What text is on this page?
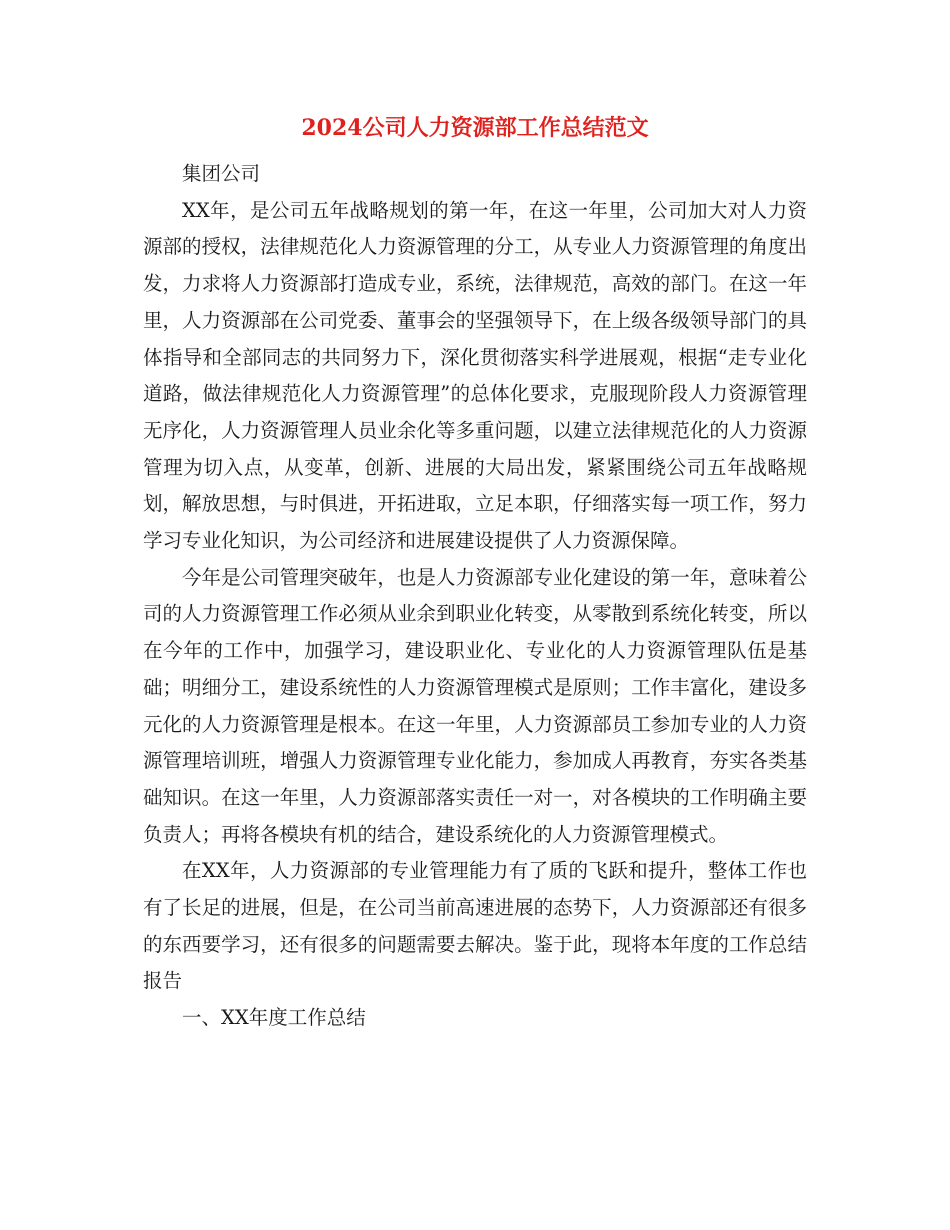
2024公司人力资源部工作总结范文

集团公司

XX年，是公司五年战略规划的第一年，在这一年里，公司加大对人力资源部的授权，法律规范化人力资源管理的分工，从专业人力资源管理的角度出发，力求将人力资源部打造成专业，系统，法律规范，高效的部门。在这一年里，人力资源部在公司党委、董事会的坚强领导下，在上级各级领导部门的具体指导和全部同志的共同努力下，深化贯彻落实科学进展观，根据“走专业化道路，做法律规范化人力资源管理”的总体化要求，克服现阶段人力资源管理无序化，人力资源管理人员业余化等多重问题，以建立法律规范化的人力资源管理为切入点，从变革，创新、进展的大局出发，紧紧围绕公司五年战略规划，解放思想，与时俱进，开拓进取，立足本职，仔细落实每一项工作，努力学习专业化知识，为公司经济和进展建设提供了人力资源保障。

今年是公司管理突破年，也是人力资源部专业化建设的第一年，意味着公司的人力资源管理工作必须从业余到职业化转变，从零散到系统化转变，所以在今年的工作中，加强学习，建设职业化、专业化的人力资源管理队伍是基础；明细分工，建设系统性的人力资源管理模式是原则；工作丰富化，建设多元化的人力资源管理是根本。在这一年里，人力资源部员工参加专业的人力资源管理培训班，增强人力资源管理专业化能力，参加成人再教育，夯实各类基础知识。在这一年里，人力资源部落实责任一对一，对各模块的工作明确主要负责人；再将各模块有机的结合，建设系统化的人力资源管理模式。

在XX年，人力资源部的专业管理能力有了质的飞跃和提升，整体工作也有了长足的进展，但是，在公司当前高速进展的态势下，人力资源部还有很多的东西要学习，还有很多的问题需要去解决。鉴于此，现将本年度的工作总结报告

一、XX年度工作总结
